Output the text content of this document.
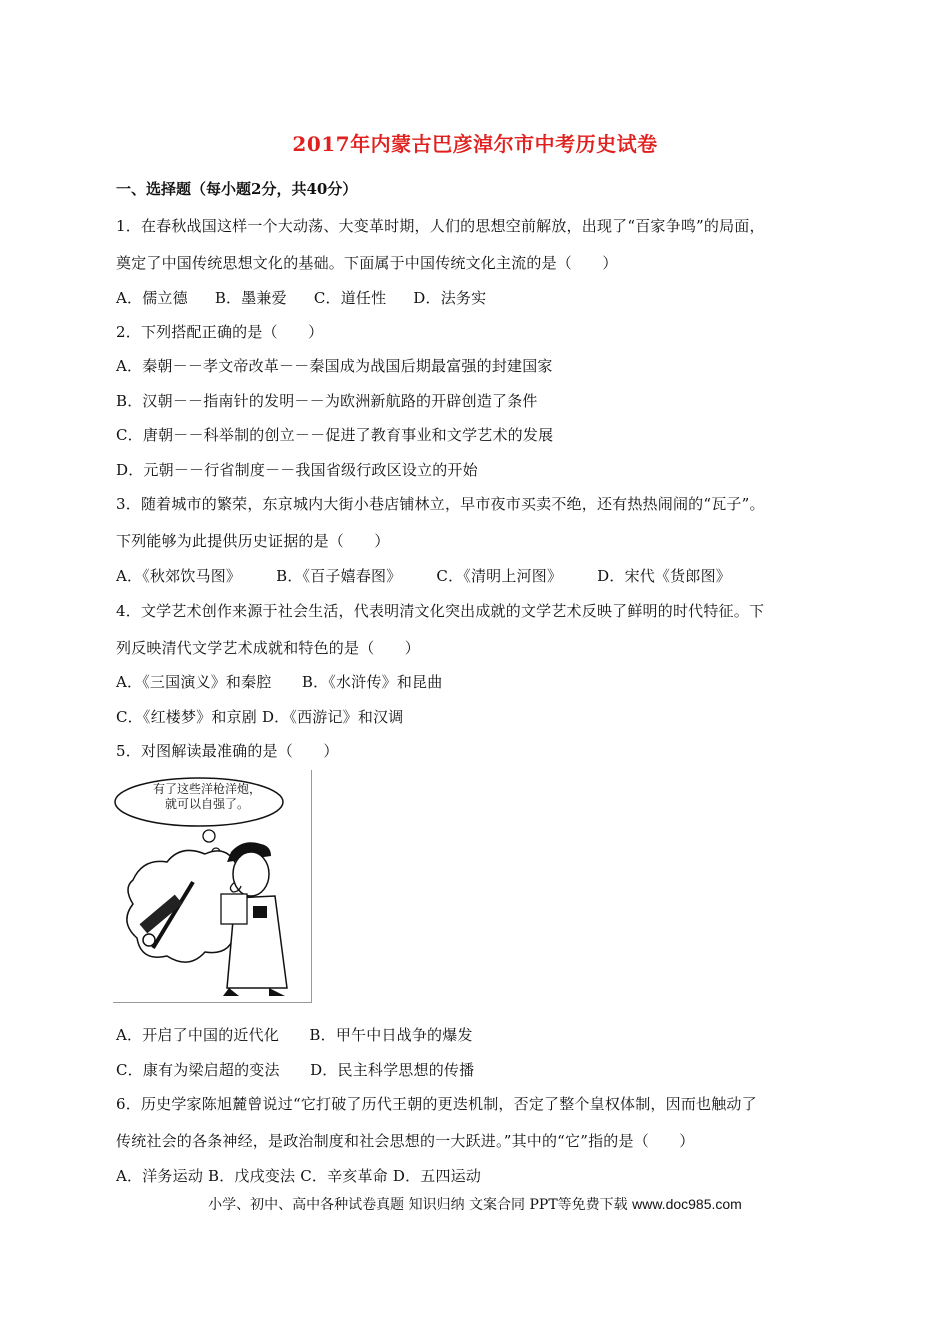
2017年内蒙古巴彦淖尔市中考历史试卷
一、选择题（每小题2分，共40分）
1．在春秋战国这样一个大动荡、大变革时期，人们的思想空前解放，出现了“百家争鸣”的局面，
奠定了中国传统思想文化的基础。下面属于中国传统文化主流的是（　　）
A．儒立德 B．墨兼爱 C．道任性 D．法务实
2．下列搭配正确的是（　　）
A．秦朝－－孝文帝改革－－秦国成为战国后期最富强的封建国家
B．汉朝－－指南针的发明－－为欧洲新航路的开辟创造了条件
C．唐朝－－科举制的创立－－促进了教育事业和文学艺术的发展
D．元朝－－行省制度－－我国省级行政区设立的开始
3．随着城市的繁荣，东京城内大街小巷店铺林立，早市夜市买卖不绝，还有热热闹闹的“瓦子”。
下列能够为此提供历史证据的是（　　）
A．《秋郊饮马图》 B．《百子嬉春图》 C．《清明上河图》 D．宋代《货郎图》
4．文学艺术创作来源于社会生活，代表明清文化突出成就的文学艺术反映了鲜明的时代特征。下
列反映清代文学艺术成就和特色的是（　　）
A．《三国演义》和秦腔　　B．《水浒传》和昆曲
C．《红楼梦》和京剧 D．《西游记》和汉调
5．对图解读最准确的是（　　）
有了这些洋枪洋炮，
就可以自强了。
A．开启了中国的近代化　　B．甲午中日战争的爆发
C．康有为梁启超的变法　　D．民主科学思想的传播
6．历史学家陈旭麓曾说过“它打破了历代王朝的更迭机制，否定了整个皇权体制，因而也触动了
传统社会的各条神经，是政治制度和社会思想的一大跃进。”其中的“它”指的是（　　）
A．洋务运动 B．戊戌变法 C．辛亥革命 D．五四运动
小学、初中、高中各种试卷真题 知识归纳 文案合同 PPT等免费下载 www.doc985.com
